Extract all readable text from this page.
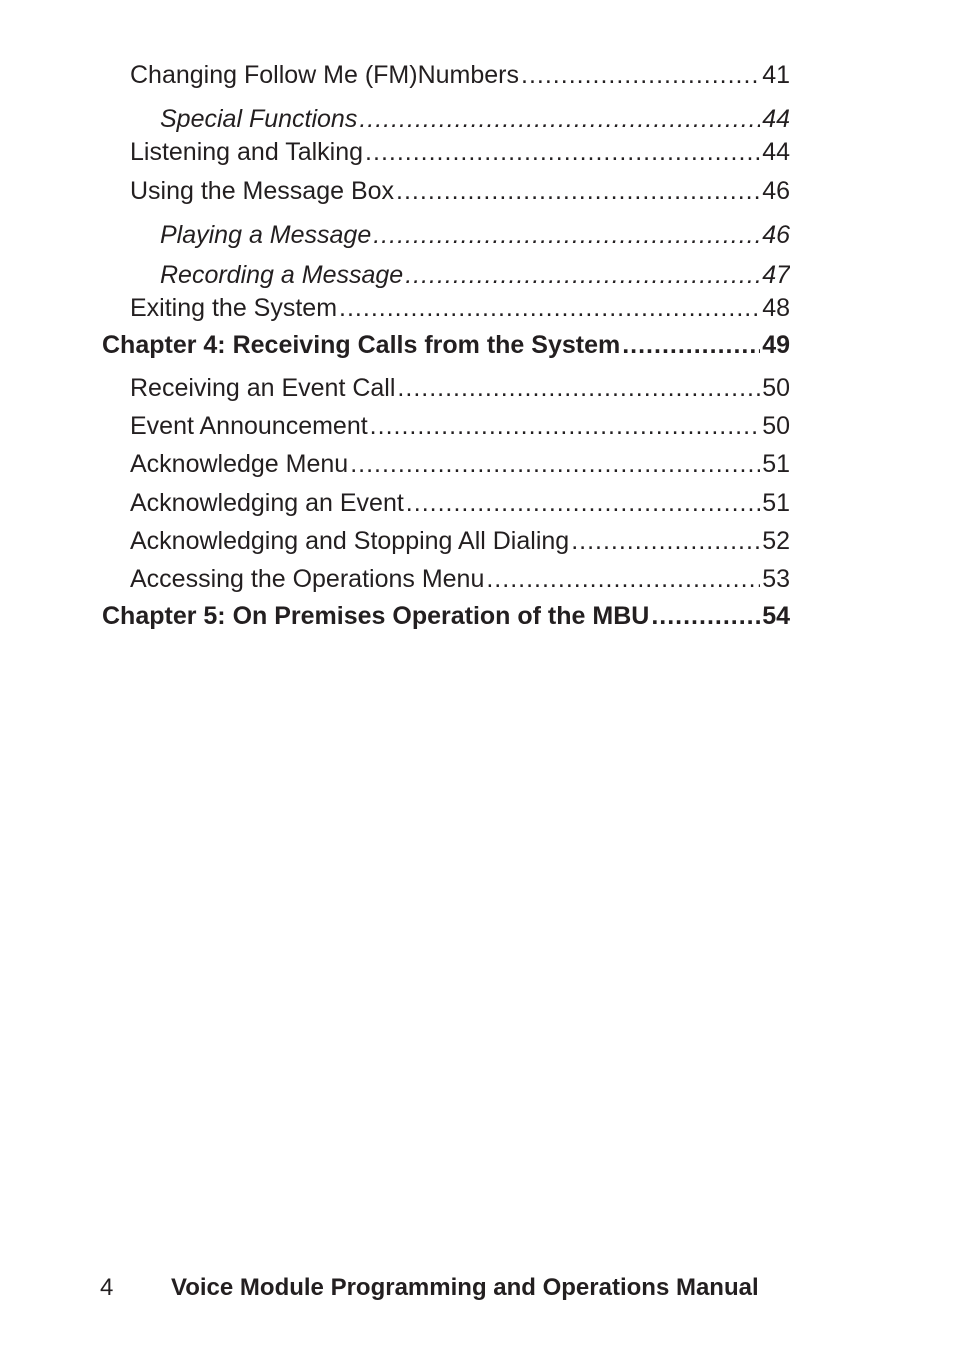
Changing Follow Me (FM)Numbers .....	41
Special Functions .....	44
Listening and Talking .....	44
Using the Message Box .....	46
Playing a Message .....	46
Recording a Message .....	47
Exiting the System .....	48
Chapter 4: Receiving Calls from the System .....	49
Receiving an Event Call .....	50
Event Announcement .....	50
Acknowledge Menu .....	51
Acknowledging an Event .....	51
Acknowledging and Stopping All Dialing .....	52
Accessing the Operations Menu .....	53
Chapter 5: On Premises Operation of the MBU .....	54
4 Voice Module Programming and Operations Manual
